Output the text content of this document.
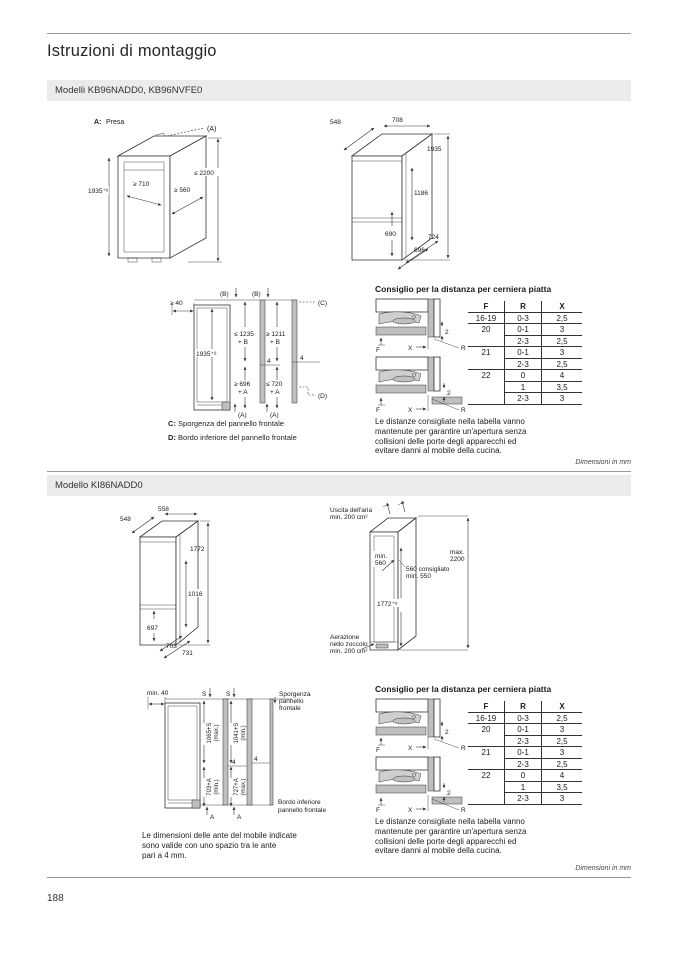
Istruzioni di montaggio
Modelli KB96NADD0, KB96NVFE0
A: Presa
(A)
1935⁺⁸
≥ 710
≥ 560
≤ 2200
548	708
1935
1186
690	724
696
≥ 40
1935⁺⁸
(B)	(B)
(C)
≤ 1235
+ B
≥ 1211
+ B
4	4
≥ 696
+ A
≤ 720
+ A
(A)	(A)
(D)
C: Sporgenza del pannello frontale
D: Bordo inferiore del pannello frontale
Consiglio per la distanza per cerniera piatta
2
F	X	R
2
F	X	R
F	R	X
16-19	0-3	2,5
20	0-1	3
	2-3	2,5
21	0-1	3
	2-3	2,5
22	0	4
	1	3,5
	2-3	3
Le distanze consigliate nella tabella vanno
mantenute per garantire un'apertura senza
collisioni delle porte degli apparecchi ed
evitare danni al mobile della cucina.
Dimensioni in mm
Modello KI86NADD0
548
558
1772
1016
697
703
731
Uscita dell'aria
min. 200 cm²
min.
560
560 consigliato
min. 550
1772⁺⁸
max.
2200
Aerazione
nello zoccolo
min. 200 cm²
min. 40	S	S	Sporgenza
pannello
frontale
1065+S (max.) 1041+S (min.)
4	4
703+A (min.) 727+A (max.)
A	A
Bordo inferiore
pannello frontale
Le dimensioni delle ante del mobile indicate
sono valide con uno spazio tra le ante
pari a 4 mm.
Consiglio per la distanza per cerniera piatta
2
F	X	R
2
F	X	R
F	R	X
16-19	0-3	2,5
20	0-1	3
	2-3	2,5
21	0-1	3
	2-3	2,5
22	0	4
	1	3,5
	2-3	3
Le distanze consigliate nella tabella vanno
mantenute per garantire un'apertura senza
collisioni delle porte degli apparecchi ed
evitare danni al mobile della cucina.
Dimensioni in mm
188
